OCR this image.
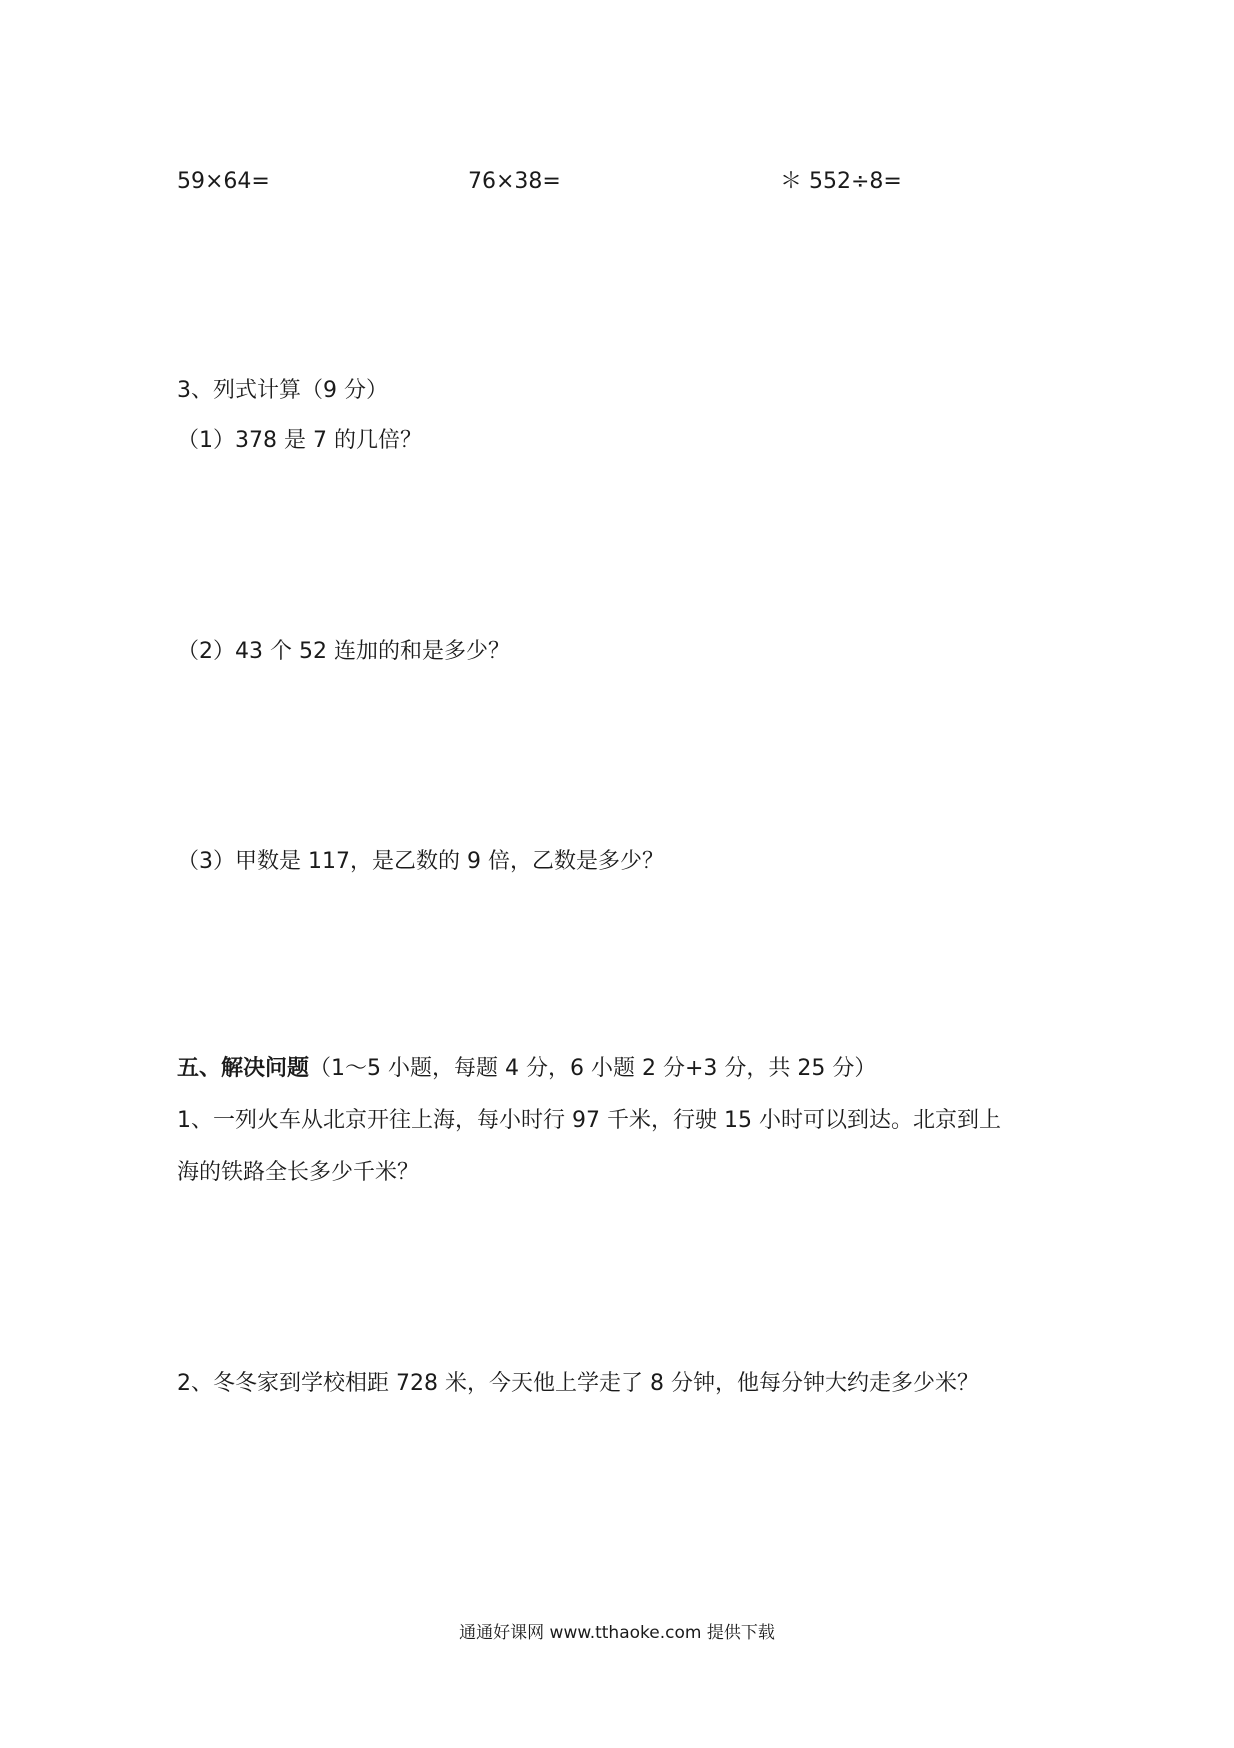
59×64=	76×38=	＊ 552÷8=
3、列式计算（9 分）
（1）378 是 7 的几倍？
（2）43 个 52 连加的和是多少？
（3）甲数是 117，是乙数的 9 倍，乙数是多少？
五、解决问题（1～5 小题，每题 4 分，6 小题 2 分+3 分，共 25 分）
1、一列火车从北京开往上海，每小时行 97 千米，行驶 15 小时可以到达。北京到上
海的铁路全长多少千米？
2、冬冬家到学校相距 728 米，今天他上学走了 8 分钟，他每分钟大约走多少米？
通通好课网 www.tthaoke.com 提供下载
